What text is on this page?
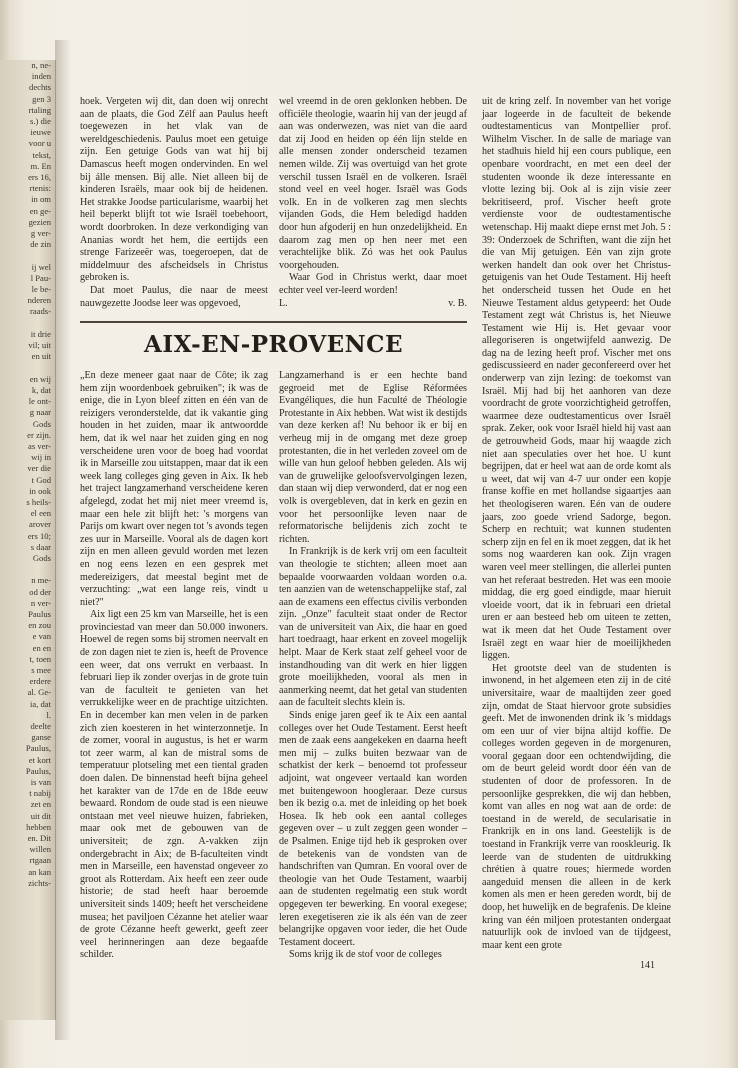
n, ne-
inden
dechts
gen 3
rtaling
s.) die
ieuwe
voor u
tekst,
m. En
ers 16,
rtenis:
in om
en ge-
gezien
g ver-
de zin

ij wel
l Pau-
le be-
nderen
raads-

it drie
vil; uit
en uit

en wij
k, dat
le ont-
g naar
Gods
er zijn.
as ver-
wij in
ver die
t God
in ook
s heils-
el een
arover
ers 10;
s daar
Gods

n me-
od der
n ver-
Paulus
en zou
e van
en en
t, toen
s mee
erdere
al. Ge-
ia, dat
l.
deelte
ganse
Paulus,
et kort
Paulus,
is van
t nabij
zet en
uit dit
hebben
en. Dit
willen
rtgaan
an kan
zichts-

hoek. Vergeten wij dit, dan doen wij onrecht aan de plaats, die God Zélf aan Paulus heeft toegewezen in het vlak van de wereldgeschiedenis. Paulus moet een getuige zijn. Een getuige Gods van wat hij bij Damascus heeft mogen ondervinden. En wel bij álle mensen. Bij alle. Niet alleen bij de kinderen Israëls, maar ook bij de heidenen. Het strakke Joodse particularisme, waarbij het heil beperkt blijft tot wie Israël toebehoort, wordt doorbroken. In deze verkondiging van Ananias wordt het hem, die eertijds een strenge Farizeeër was, toegeroepen, dat de middelmuur des afscheidsels in Christus gebroken is.

Dat moet Paulus, die naar de meest nauwgezette Joodse leer was opgevoed,

wel vreemd in de oren geklonken hebben. De officiële theologie, waarin hij van der jeugd af aan was onderwezen, was niet van die aard dat zij Jood en heiden op één lijn stelde en alle mensen zonder onderscheid tezamen nemen wilde. Zij was overtuigd van het grote verschil tussen Israël en de volkeren. Israël stond veel en veel hoger. Israël was Gods volk. En in de volkeren zag men slechts vijanden Gods, die Hem beledigd hadden door hun afgoderij en hun onzedelijkheid. En daarom zag men op hen neer met een verachtelijke blik. Zó was het ook Paulus voorgehouden.

Waar God in Christus werkt, daar moet echter veel ver-leerd worden!

L.	v. B.
AIX-EN-PROVENCE

„En deze meneer gaat naar de Côte; ik zag hem zijn woordenboek gebruiken"; ik was de enige, die in Lyon bleef zitten en één van de reizigers veronderstelde, dat ik vakantie ging houden in het zuiden, maar ik antwoordde hem, dat ik wel naar het zuiden ging en nog verscheidene uren voor de boeg had voordat ik in Marseille zou uitstappen, maar dat ik een week lang colleges ging geven in Aix. Ik heb het traject langzamerhand verscheidene keren afgelegd, zodat het mij niet meer vreemd is, maar een hele zit blijft het: 's morgens van Parijs om kwart over negen tot 's avonds tegen zes uur in Marseille. Vooral als de dagen kort zijn en men alleen gevuld worden met lezen en nog eens lezen en een gesprek met medereizigers, dat meestal begint met de verzuchting: „wat een lange reis, vindt u niet?"

Aix ligt een 25 km van Marseille, het is een provinciestad van meer dan 50.000 inwoners. Hoewel de regen soms bij stromen neervalt en de zon dagen niet te zien is, heeft de Provence een weer, dat ons verrukt en verbaast. In februari liep ik zonder overjas in de grote tuin van de faculteit te genieten van het verrukkelijke weer en de prachtige uitzichten. En in december kan men velen in de parken zich zien koesteren in het winterzonnetje. In de zomer, vooral in augustus, is het er warm tot zeer warm, al kan de mistral soms de temperatuur plotseling met een tiental graden doen dalen. De binnenstad heeft bijna geheel het karakter van de 17de en de 18de eeuw bewaard. Rondom de oude stad is een nieuwe ontstaan met veel nieuwe huizen, fabrieken, maar ook met de gebouwen van de universiteit; de zgn. A-vakken zijn ondergebracht in Aix; de B-faculteiten vindt men in Marseille, een havenstad ongeveer zo groot als Rotterdam. Aix heeft een zeer oude historie; de stad heeft haar beroemde universiteit sinds 1409; heeft het verscheidene musea; het paviljoen Cézanne het atelier waar de grote Cézanne heeft gewerkt, geeft zeer veel herinneringen aan deze begaafde schilder.

Langzamerhand is er een hechte band gegroeid met de Eglise Réformées Evangéliques, die hun Faculté de Théologie Protestante in Aix hebben. Wat wist ik destijds van deze kerken af! Nu behoor ik er bij en verheug mij in de omgang met deze groep protestanten, die in het verleden zoveel om de wille van hun geloof hebben geleden. Als wij van de gruwelijke geloofsvervolgingen lezen, dan staan wij diep verwonderd, dat er nog een volk is overgebleven, dat in kerk en gezin en voor het persoonlijke leven naar de reformatorische belijdenis zich zocht te richten.

In Frankrijk is de kerk vrij om een faculteit van theologie te stichten; alleen moet aan bepaalde voorwaarden voldaan worden o.a. ten aanzien van de wetenschappelijke staf, zal aan de examens een effectus civilis verbonden zijn. „Onze" faculteit staat onder de Rector van de universiteit van Aix, die haar en goed hart toedraagt, haar erkent en zoveel mogelijk helpt. Maar de Kerk staat zelf geheel voor de instandhouding van dit werk en hier liggen grote moeilijkheden, vooral als men in aanmerking neemt, dat het getal van studenten aan de faculteit slechts klein is.

Sinds enige jaren geef ik te Aix een aantal colleges over het Oude Testament. Eerst heeft men de zaak eens aangekeken en daarna heeft men mij – zulks buiten bezwaar van de schatkist der kerk – benoemd tot professeur adjoint, wat ongeveer vertaald kan worden met buitengewoon hoogleraar. Deze cursus ben ik bezig o.a. met de inleiding op het boek Hosea. Ik heb ook een aantal colleges gegeven over – u zult zeggen geen wonder – de Psalmen. Enige tijd heb ik gesproken over de betekenis van de vondsten van de handschriften van Qumran. En vooral over de theologie van het Oude Testament, waarbij aan de studenten regelmatig een stuk wordt opgegeven ter bewerking. En vooral exegese; leren exegetiseren zie ik als één van de zeer belangrijke opgaven voor ieder, die het Oude Testament doceert.

Soms krijg ik de stof voor de colleges

uit de kring zelf. In november van het vorige jaar logeerde in de faculteit de bekende oudtestamenticus van Montpellier prof. Wilhelm Vischer. In de salle de mariage van het stadhuis hield hij een cours publique, een openbare voordracht, en met een deel der studenten woonde ik deze interessante en vlotte lezing bij. Ook al is zijn visie zeer bekritiseerd, prof. Vischer heeft grote verdienste voor de oudtestamentische wetenschap. Hij maakt diepe ernst met Joh. 5 : 39: Onderzoek de Schriften, want die zijn het die van Mij getuigen. Eén van zijn grote werken handelt dan ook over het Christus-getuigenis van het Oude Testament. Hij heeft het onderscheid tussen het Oude en het Nieuwe Testament aldus getypeerd: het Oude Testament zegt wát Christus is, het Nieuwe Testament wie Hij is. Het gevaar voor allegoriseren is ongetwijfeld aanwezig. De dag na de lezing heeft prof. Vischer met ons gediscussieerd en nader geconfereerd over het onderwerp van zijn lezing: de toekomst van Israël. Mij had bij het aanhoren van deze voordracht de grote voorzichtigheid getroffen, waarmee deze oudtestamenticus over Israël sprak. Zeker, ook voor Israël hield hij vast aan de getrouwheid Gods, maar hij waagde zich niet aan speculaties over het hoe. U kunt begrijpen, dat er heel wat aan de orde komt als u weet, dat wij van 4-7 uur onder een kopje franse koffie en met hollandse sigaartjes aan het theologiseren waren. Eén van de oudere jaars, zoo goede vriend Sadorge, begon. Scherp en rechtuit; wat kunnen studenten scherp zijn en fel en ik moet zeggen, dat ik het soms nog waarderen kan ook. Zijn vragen waren veel meer stellingen, die allerlei punten van het referaat bestreden. Het was een mooie middag, die erg goed eindigde, maar hieruit vloeide voort, dat ik in februari een drietal uren er aan besteed heb om uiteen te zetten, wat ik meen dat het Oude Testament over Israël zegt en waar hier de moeilijkheden liggen.

Het grootste deel van de studenten is inwonend, in het algemeen eten zij in de cité universitaire, waar de maaltijden zeer goed zijn, omdat de Staat hiervoor grote subsidies geeft. Met de inwonenden drink ik 's middags om een uur of vier bijna altijd koffie. De colleges worden gegeven in de morgenuren, vooral gegaan door een ochtendwijding, die om de beurt geleid wordt door één van de studenten of door de professoren. In de persoonlijke gesprekken, die wij dan hebben, komt van alles en nog wat aan de orde: de toestand in de wereld, de secularisatie in Frankrijk en in ons land. Geestelijk is de toestand in Frankrijk verre van rooskleurig. Ik leerde van de studenten de uitdrukking chrétien à quatre roues; hiermede worden aangeduid mensen die alleen in de kerk komen als men er heen gereden wordt, bij de doop, het huwelijk en de begrafenis. De kleine kring van één miljoen protestanten ondergaat natuurlijk ook de invloed van de tijdgeest, maar kent een grote

141
